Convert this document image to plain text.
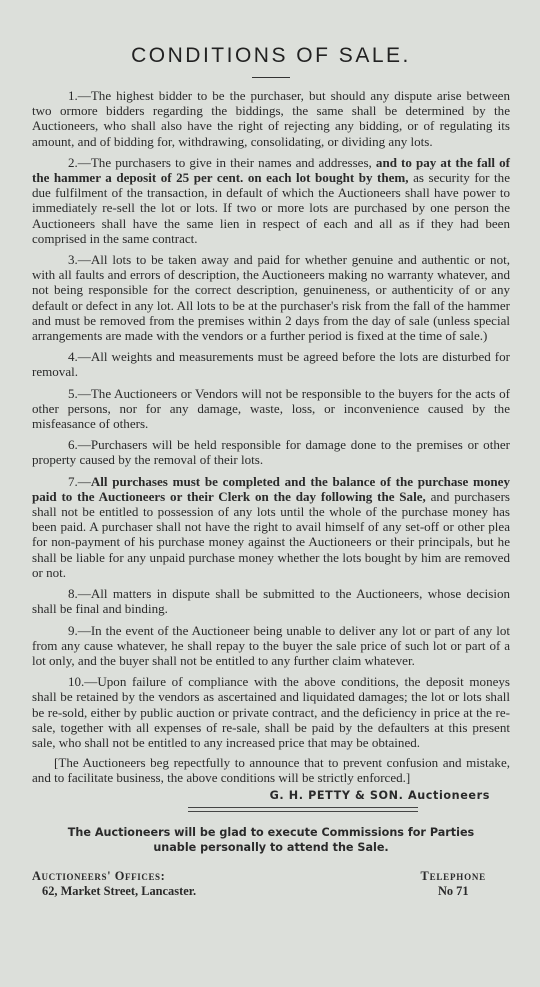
CONDITIONS OF SALE.

1.—The highest bidder to be the purchaser, but should any dispute arise between two ormore bidders regarding the biddings, the same shall be determined by the Auctioneers, who shall also have the right of rejecting any bidding, or of regulating its amount, and of bidding for, withdrawing, consolidating, or dividing any lots.

2.—The purchasers to give in their names and addresses, and to pay at the fall of the hammer a deposit of 25 per cent. on each lot bought by them, as security for the due fulfilment of the transaction, in default of which the Auctioneers shall have power to immediately re-sell the lot or lots. If two or more lots are purchased by one person the Auctioneers shall have the same lien in respect of each and all as if they had been comprised in the same contract.

3.—All lots to be taken away and paid for whether genuine and authentic or not, with all faults and errors of description, the Auctioneers making no warranty whatever, and not being responsible for the correct description, genuineness, or authenticity of or any default or defect in any lot. All lots to be at the purchaser's risk from the fall of the hammer and must be removed from the premises within 2 days from the day of sale (unless special arrangements are made with the vendors or a further period is fixed at the time of sale.)

4.—All weights and measurements must be agreed before the lots are disturbed for removal.

5.—The Auctioneers or Vendors will not be responsible to the buyers for the acts of other persons, nor for any damage, waste, loss, or inconvenience caused by the misfeasance of others.

6.—Purchasers will be held responsible for damage done to the premises or other property caused by the removal of their lots.

7.—All purchases must be completed and the balance of the purchase money paid to the Auctioneers or their Clerk on the day following the Sale, and purchasers shall not be entitled to possession of any lots until the whole of the purchase money has been paid. A purchaser shall not have the right to avail himself of any set-off or other plea for non-payment of his purchase money against the Auctioneers or their principals, but he shall be liable for any unpaid purchase money whether the lots bought by him are removed or not.

8.—All matters in dispute shall be submitted to the Auctioneers, whose decision shall be final and binding.

9.—In the event of the Auctioneer being unable to deliver any lot or part of any lot from any cause whatever, he shall repay to the buyer the sale price of such lot or part of a lot only, and the buyer shall not be entitled to any further claim whatever.

10.—Upon failure of compliance with the above conditions, the deposit moneys shall be retained by the vendors as ascertained and liquidated damages; the lot or lots shall be re-sold, either by public auction or private contract, and the deficiency in price at the re-sale, together with all expenses of re-sale, shall be paid by the defaulters at this present sale, who shall not be entitled to any increased price that may be obtained.

[The Auctioneers beg repectfully to announce that to prevent confusion and mistake, and to facilitate business, the above conditions will be strictly enforced.]

G. H. PETTY & SON. Auctioneers
The Auctioneers will be glad to execute Commissions for Parties
unable personally to attend the Sale.
Auctioneers' Offices:
62, Market Street, Lancaster.
Telephone
No 71
